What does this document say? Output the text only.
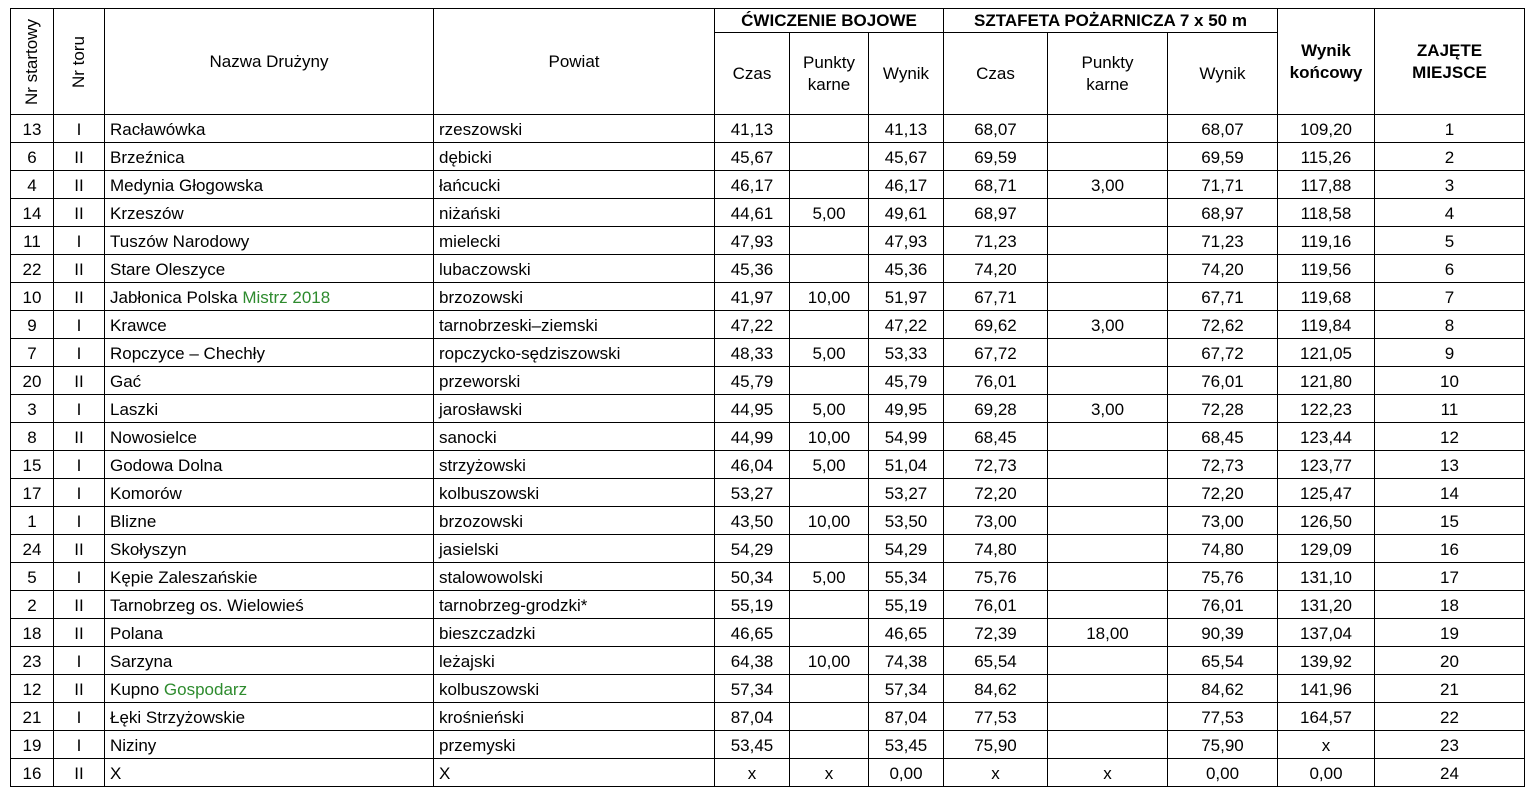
Nr startowy	Nr toru	Nazwa Drużyny	Powiat	ĆWICZENIE BOJOWE			SZTAFETA POŻARNICZA 7 x 50 m			Wynik
końcowy	ZAJĘTE
MIEJSCE
				Czas	Punkty
karne	Wynik	Czas	Punkty
karne	Wynik		
13	I	Racławówka	rzeszowski	41,13		41,13	68,07		68,07	109,20	1
6	II	Brzeźnica	dębicki	45,67		45,67	69,59		69,59	115,26	2
4	II	Medynia Głogowska	łańcucki	46,17		46,17	68,71	3,00	71,71	117,88	3
14	II	Krzeszów	niżański	44,61	5,00	49,61	68,97		68,97	118,58	4
11	I	Tuszów Narodowy	mielecki	47,93		47,93	71,23		71,23	119,16	5
22	II	Stare Oleszyce	lubaczowski	45,36		45,36	74,20		74,20	119,56	6
10	II	Jabłonica Polska Mistrz 2018	brzozowski	41,97	10,00	51,97	67,71		67,71	119,68	7
9	I	Krawce	tarnobrzeski–ziemski	47,22		47,22	69,62	3,00	72,62	119,84	8
7	I	Ropczyce – Chechły	ropczycko-sędziszowski	48,33	5,00	53,33	67,72		67,72	121,05	9
20	II	Gać	przeworski	45,79		45,79	76,01		76,01	121,80	10
3	I	Laszki	jarosławski	44,95	5,00	49,95	69,28	3,00	72,28	122,23	11
8	II	Nowosielce	sanocki	44,99	10,00	54,99	68,45		68,45	123,44	12
15	I	Godowa Dolna	strzyżowski	46,04	5,00	51,04	72,73		72,73	123,77	13
17	I	Komorów	kolbuszowski	53,27		53,27	72,20		72,20	125,47	14
1	I	Blizne	brzozowski	43,50	10,00	53,50	73,00		73,00	126,50	15
24	II	Skołyszyn	jasielski	54,29		54,29	74,80		74,80	129,09	16
5	I	Kępie Zaleszańskie	stalowowolski	50,34	5,00	55,34	75,76		75,76	131,10	17
2	II	Tarnobrzeg os. Wielowieś	tarnobrzeg-grodzki*	55,19		55,19	76,01		76,01	131,20	18
18	II	Polana	bieszczadzki	46,65		46,65	72,39	18,00	90,39	137,04	19
23	I	Sarzyna	leżajski	64,38	10,00	74,38	65,54		65,54	139,92	20
12	II	Kupno Gospodarz	kolbuszowski	57,34		57,34	84,62		84,62	141,96	21
21	I	Łęki Strzyżowskie	krośnieński	87,04		87,04	77,53		77,53	164,57	22
19	I	Niziny	przemyski	53,45		53,45	75,90		75,90	x	23
16	II	X	X	x	x	0,00	x	x	0,00	0,00	24
